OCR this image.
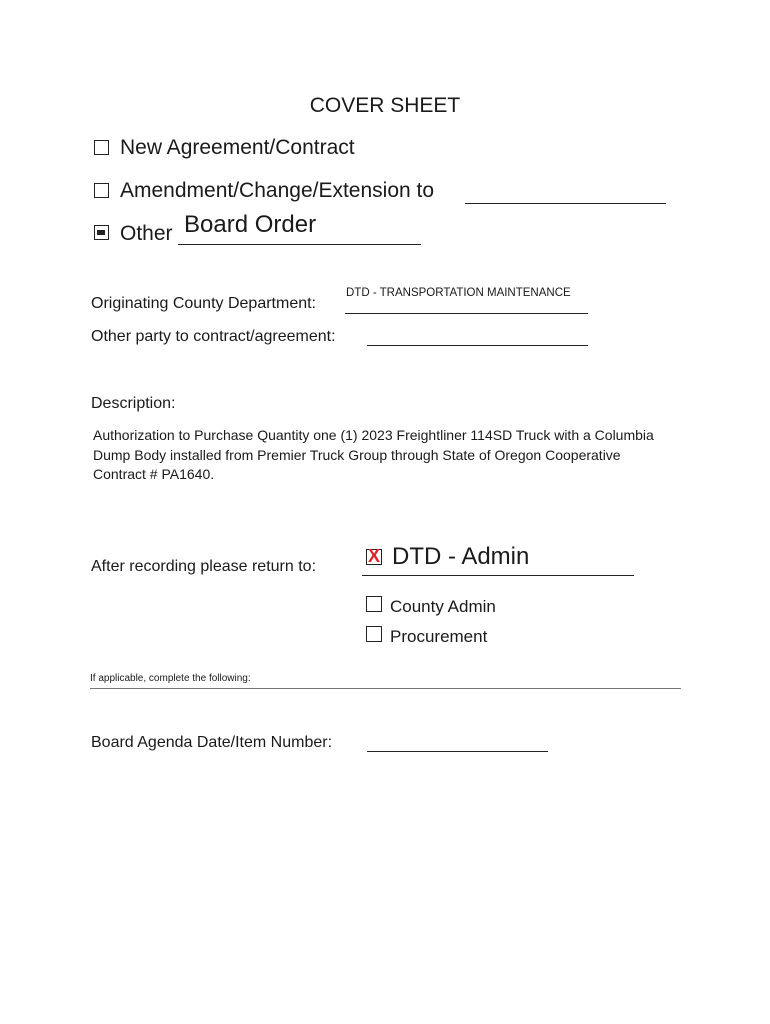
COVER SHEET
New Agreement/Contract
Amendment/Change/Extension to
Other Board Order
Originating County Department:
DTD - TRANSPORTATION MAINTENANCE
Other party to contract/agreement:
Description:
Authorization to Purchase Quantity one (1) 2023 Freightliner 114SD Truck with a Columbia Dump Body installed from Premier Truck Group through State of Oregon Cooperative Contract # PA1640.
After recording please return to:
X DTD - Admin
County Admin
Procurement
If applicable, complete the following:
Board Agenda Date/Item Number:
